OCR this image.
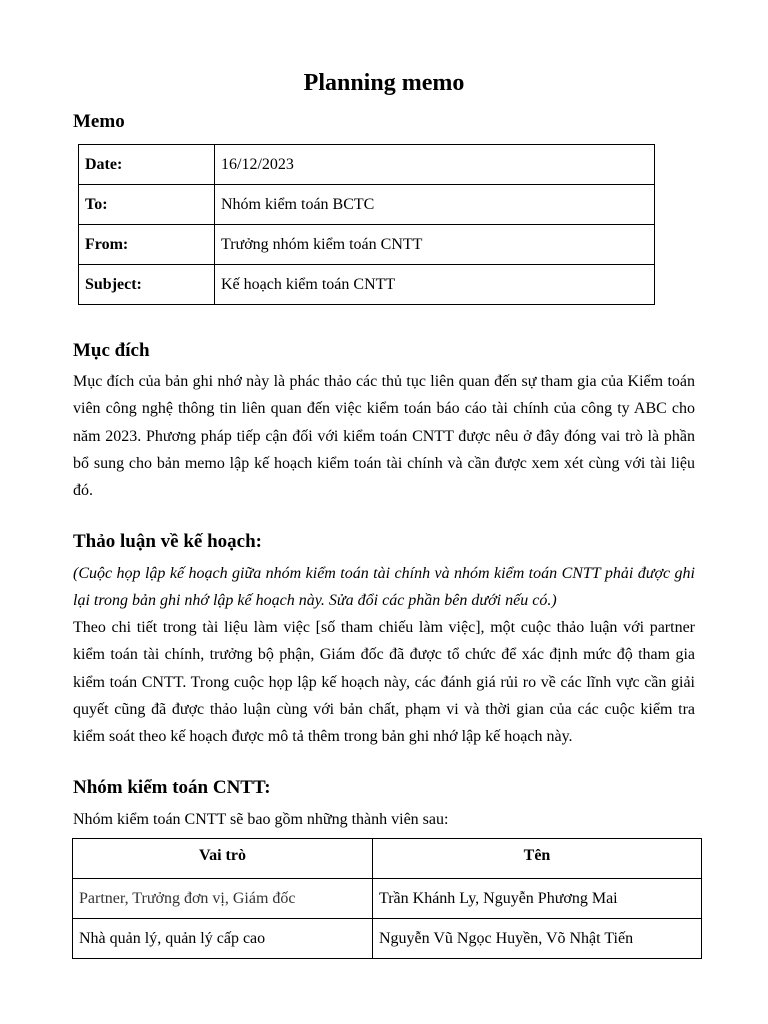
Planning memo
Memo
Date:	16/12/2023
To:	Nhóm kiểm toán BCTC
From:	Trưởng nhóm kiểm toán CNTT
Subject:	Kế hoạch kiểm toán CNTT
Mục đích

Mục đích của bản ghi nhớ này là phác thảo các thủ tục liên quan đến sự tham gia của Kiểm toán viên công nghệ thông tin liên quan đến việc kiểm toán báo cáo tài chính của công ty ABC cho năm 2023. Phương pháp tiếp cận đối với kiểm toán CNTT được nêu ở đây đóng vai trò là phần bổ sung cho bản memo lập kế hoạch kiểm toán tài chính và cần được xem xét cùng với tài liệu đó.

Thảo luận về kế hoạch:

(Cuộc họp lập kế hoạch giữa nhóm kiểm toán tài chính và nhóm kiểm toán CNTT phải được ghi lại trong bản ghi nhớ lập kế hoạch này. Sửa đổi các phần bên dưới nếu có.)

Theo chi tiết trong tài liệu làm việc [số tham chiếu làm việc], một cuộc thảo luận với partner kiểm toán tài chính, trưởng bộ phận, Giám đốc đã được tổ chức để xác định mức độ tham gia kiểm toán CNTT. Trong cuộc họp lập kế hoạch này, các đánh giá rủi ro về các lĩnh vực cần giải quyết cũng đã được thảo luận cùng với bản chất, phạm vi và thời gian của các cuộc kiểm tra kiểm soát theo kế hoạch được mô tả thêm trong bản ghi nhớ lập kế hoạch này.

Nhóm kiểm toán CNTT:

Nhóm kiểm toán CNTT sẽ bao gồm những thành viên sau:

Vai trò	Tên
Partner, Trưởng đơn vị, Giám đốc	Trần Khánh Ly, Nguyễn Phương Mai
Nhà quản lý, quản lý cấp cao	Nguyễn Vũ Ngọc Huyền, Võ Nhật Tiến
